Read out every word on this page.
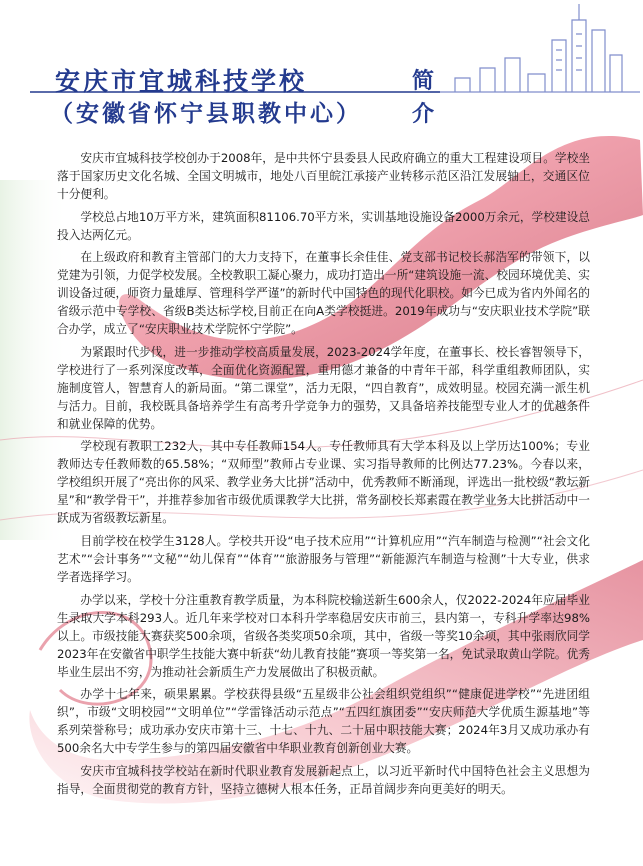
安庆市宜城科技学校
（安徽省怀宁县职教中心）
简
介

安庆市宜城科技学校创办于2008年，是中共怀宁县委县人民政府确立的重大工程建设项目。学校坐落于国家历史文化名城、全国文明城市，地处八百里皖江承接产业转移示范区沿江发展轴上，交通区位十分便利。

学校总占地10万平方米，建筑面积81106.70平方米，实训基地设施设备2000万余元，学校建设总投入达两亿元。

在上级政府和教育主管部门的大力支持下，在董事长余佳佳、党支部书记校长郝浩军的带领下，以党建为引领，力促学校发展。全校教职工凝心聚力，成功打造出一所“建筑设施一流、校园环境优美、实训设备过硬，师资力量雄厚、管理科学严谨”的新时代中国特色的现代化职校。如今已成为省内外闻名的省级示范中专学校、省级B类达标学校,目前正在向A类学校挺进。2019年成功与“安庆职业技术学院”联合办学，成立了“安庆职业技术学院怀宁学院”。

为紧跟时代步伐，进一步推动学校高质量发展，2023-2024学年度，在董事长、校长睿智领导下，学校进行了一系列深度改革，全面优化资源配置，重用德才兼备的中青年干部，科学重组教师团队，实施制度管人，智慧育人的新局面。“第二课堂”，活力无限，“四自教育”，成效明显。校园充满一派生机与活力。目前，我校既具备培养学生有高考升学竞争力的强势，又具备培养技能型专业人才的优越条件和就业保障的优势。

学校现有教职工232人，其中专任教师154人。专任教师具有大学本科及以上学历达100%；专业教师达专任教师数的65.58%；“双师型”教师占专业课、实习指导教师的比例达77.23%。今春以来，学校组织开展了“亮出你的风采、教学业务大比拼”活动中，优秀教师不断涌现，评选出一批校级“教坛新星”和“教学骨干”，并推荐参加省市级优质课教学大比拼，常务副校长郑素霞在教学业务大比拼活动中一跃成为省级教坛新星。

目前学校在校学生3128人。学校共开设“电子技术应用”“计算机应用”“汽车制造与检测”“社会文化艺术”“会计事务”“文秘”“幼儿保育”“体育”“旅游服务与管理”“新能源汽车制造与检测”十大专业，供求学者选择学习。

办学以来，学校十分注重教育教学质量，为本科院校输送新生600余人，仅2022-2024年应届毕业生录取大学本科293人。近几年来学校对口本科升学率稳居安庆市前三，县内第一，专科升学率达98%以上。市级技能大赛获奖500余项，省级各类奖项50余项，其中，省级一等奖10余项，其中张雨欣同学2023年在安徽省中职学生技能大赛中斩获“幼儿教育技能”赛项一等奖第一名，免试录取黄山学院。优秀毕业生层出不穷，为推动社会新质生产力发展做出了积极贡献。

办学十七年来，硕果累累。学校获得县级“五星级非公社会组织党组织”“健康促进学校”“先进团组织”，市级“文明校园”“文明单位”“学雷锋活动示范点”“五四红旗团委”“安庆师范大学优质生源基地”等系列荣誉称号；成功承办安庆市第十三、十七、十九、二十届中职技能大赛；2024年3月又成功承办有500余名大中专学生参与的第四届安徽省中华职业教育创新创业大赛。

安庆市宜城科技学校站在新时代职业教育发展新起点上，以习近平新时代中国特色社会主义思想为指导，全面贯彻党的教育方针，坚持立德树人根本任务，正昂首阔步奔向更美好的明天。
